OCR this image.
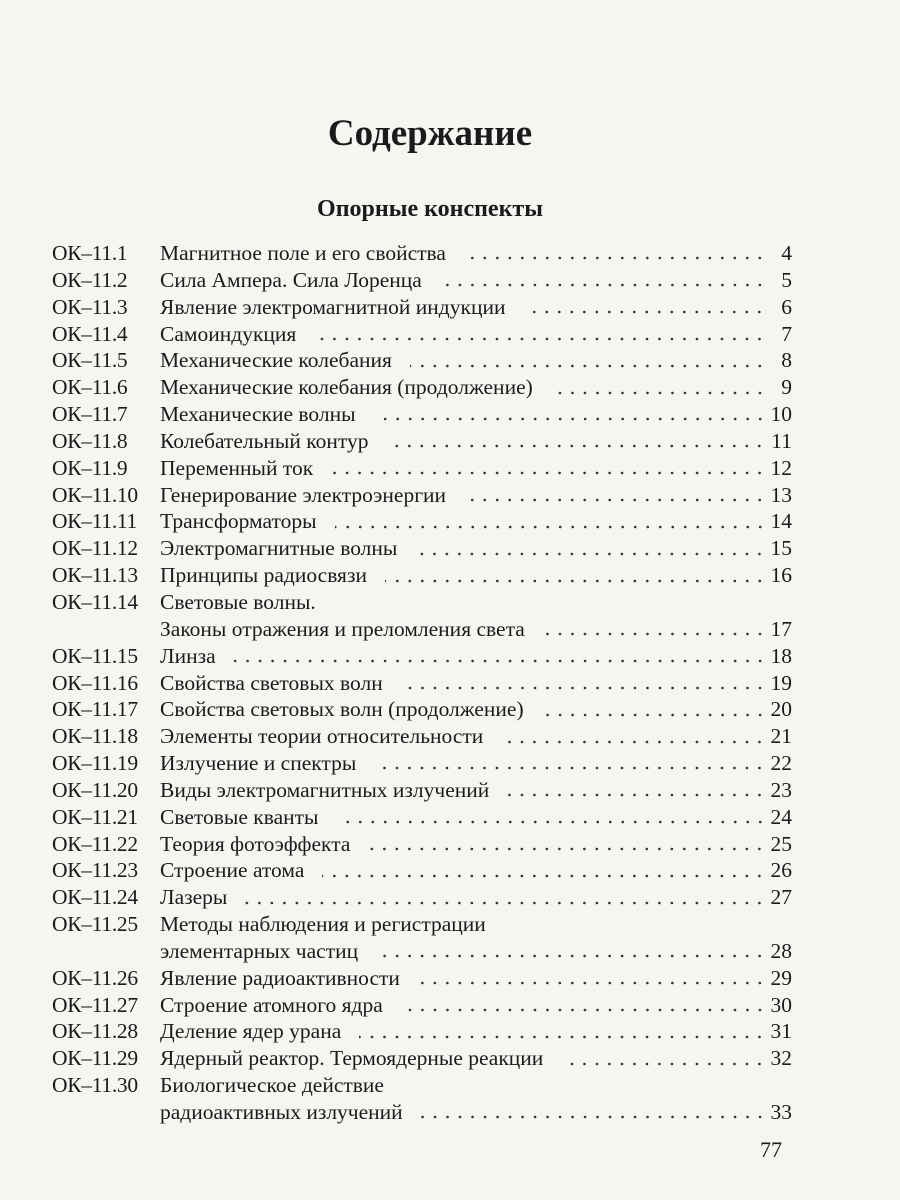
Содержание
Опорные конспекты
ОК–11.1	Магнитное поле и его свойства	4
ОК–11.2	Сила Ампера. Сила Лоренца	5
ОК–11.3	Явление электромагнитной индукции	6
ОК–11.4	Самоиндукция	7
ОК–11.5	Механические колебания	8
ОК–11.6	Механические колебания (продолжение)	9
ОК–11.7	Механические волны	10
ОК–11.8	Колебательный контур	11
ОК–11.9	Переменный ток	12
ОК–11.10	Генерирование электроэнергии	13
ОК–11.11	Трансформаторы	14
ОК–11.12	Электромагнитные волны	15
ОК–11.13	Принципы радиосвязи	16
ОК–11.14	Световые волны.
Законы отражения и преломления света	17
ОК–11.15	Линза	18
ОК–11.16	Свойства световых волн	19
ОК–11.17	Свойства световых волн (продолжение)	20
ОК–11.18	Элементы теории относительности	21
ОК–11.19	Излучение и спектры	22
ОК–11.20	Виды электромагнитных излучений	23
ОК–11.21	Световые кванты	24
ОК–11.22	Теория фотоэффекта	25
ОК–11.23	Строение атома	26
ОК–11.24	Лазеры	27
ОК–11.25	Методы наблюдения и регистрации
элементарных частиц	28
ОК–11.26	Явление радиоактивности	29
ОК–11.27	Строение атомного ядра	30
ОК–11.28	Деление ядер урана	31
ОК–11.29	Ядерный реактор. Термоядерные реакции	32
ОК–11.30	Биологическое действие
радиоактивных излучений	33
77
